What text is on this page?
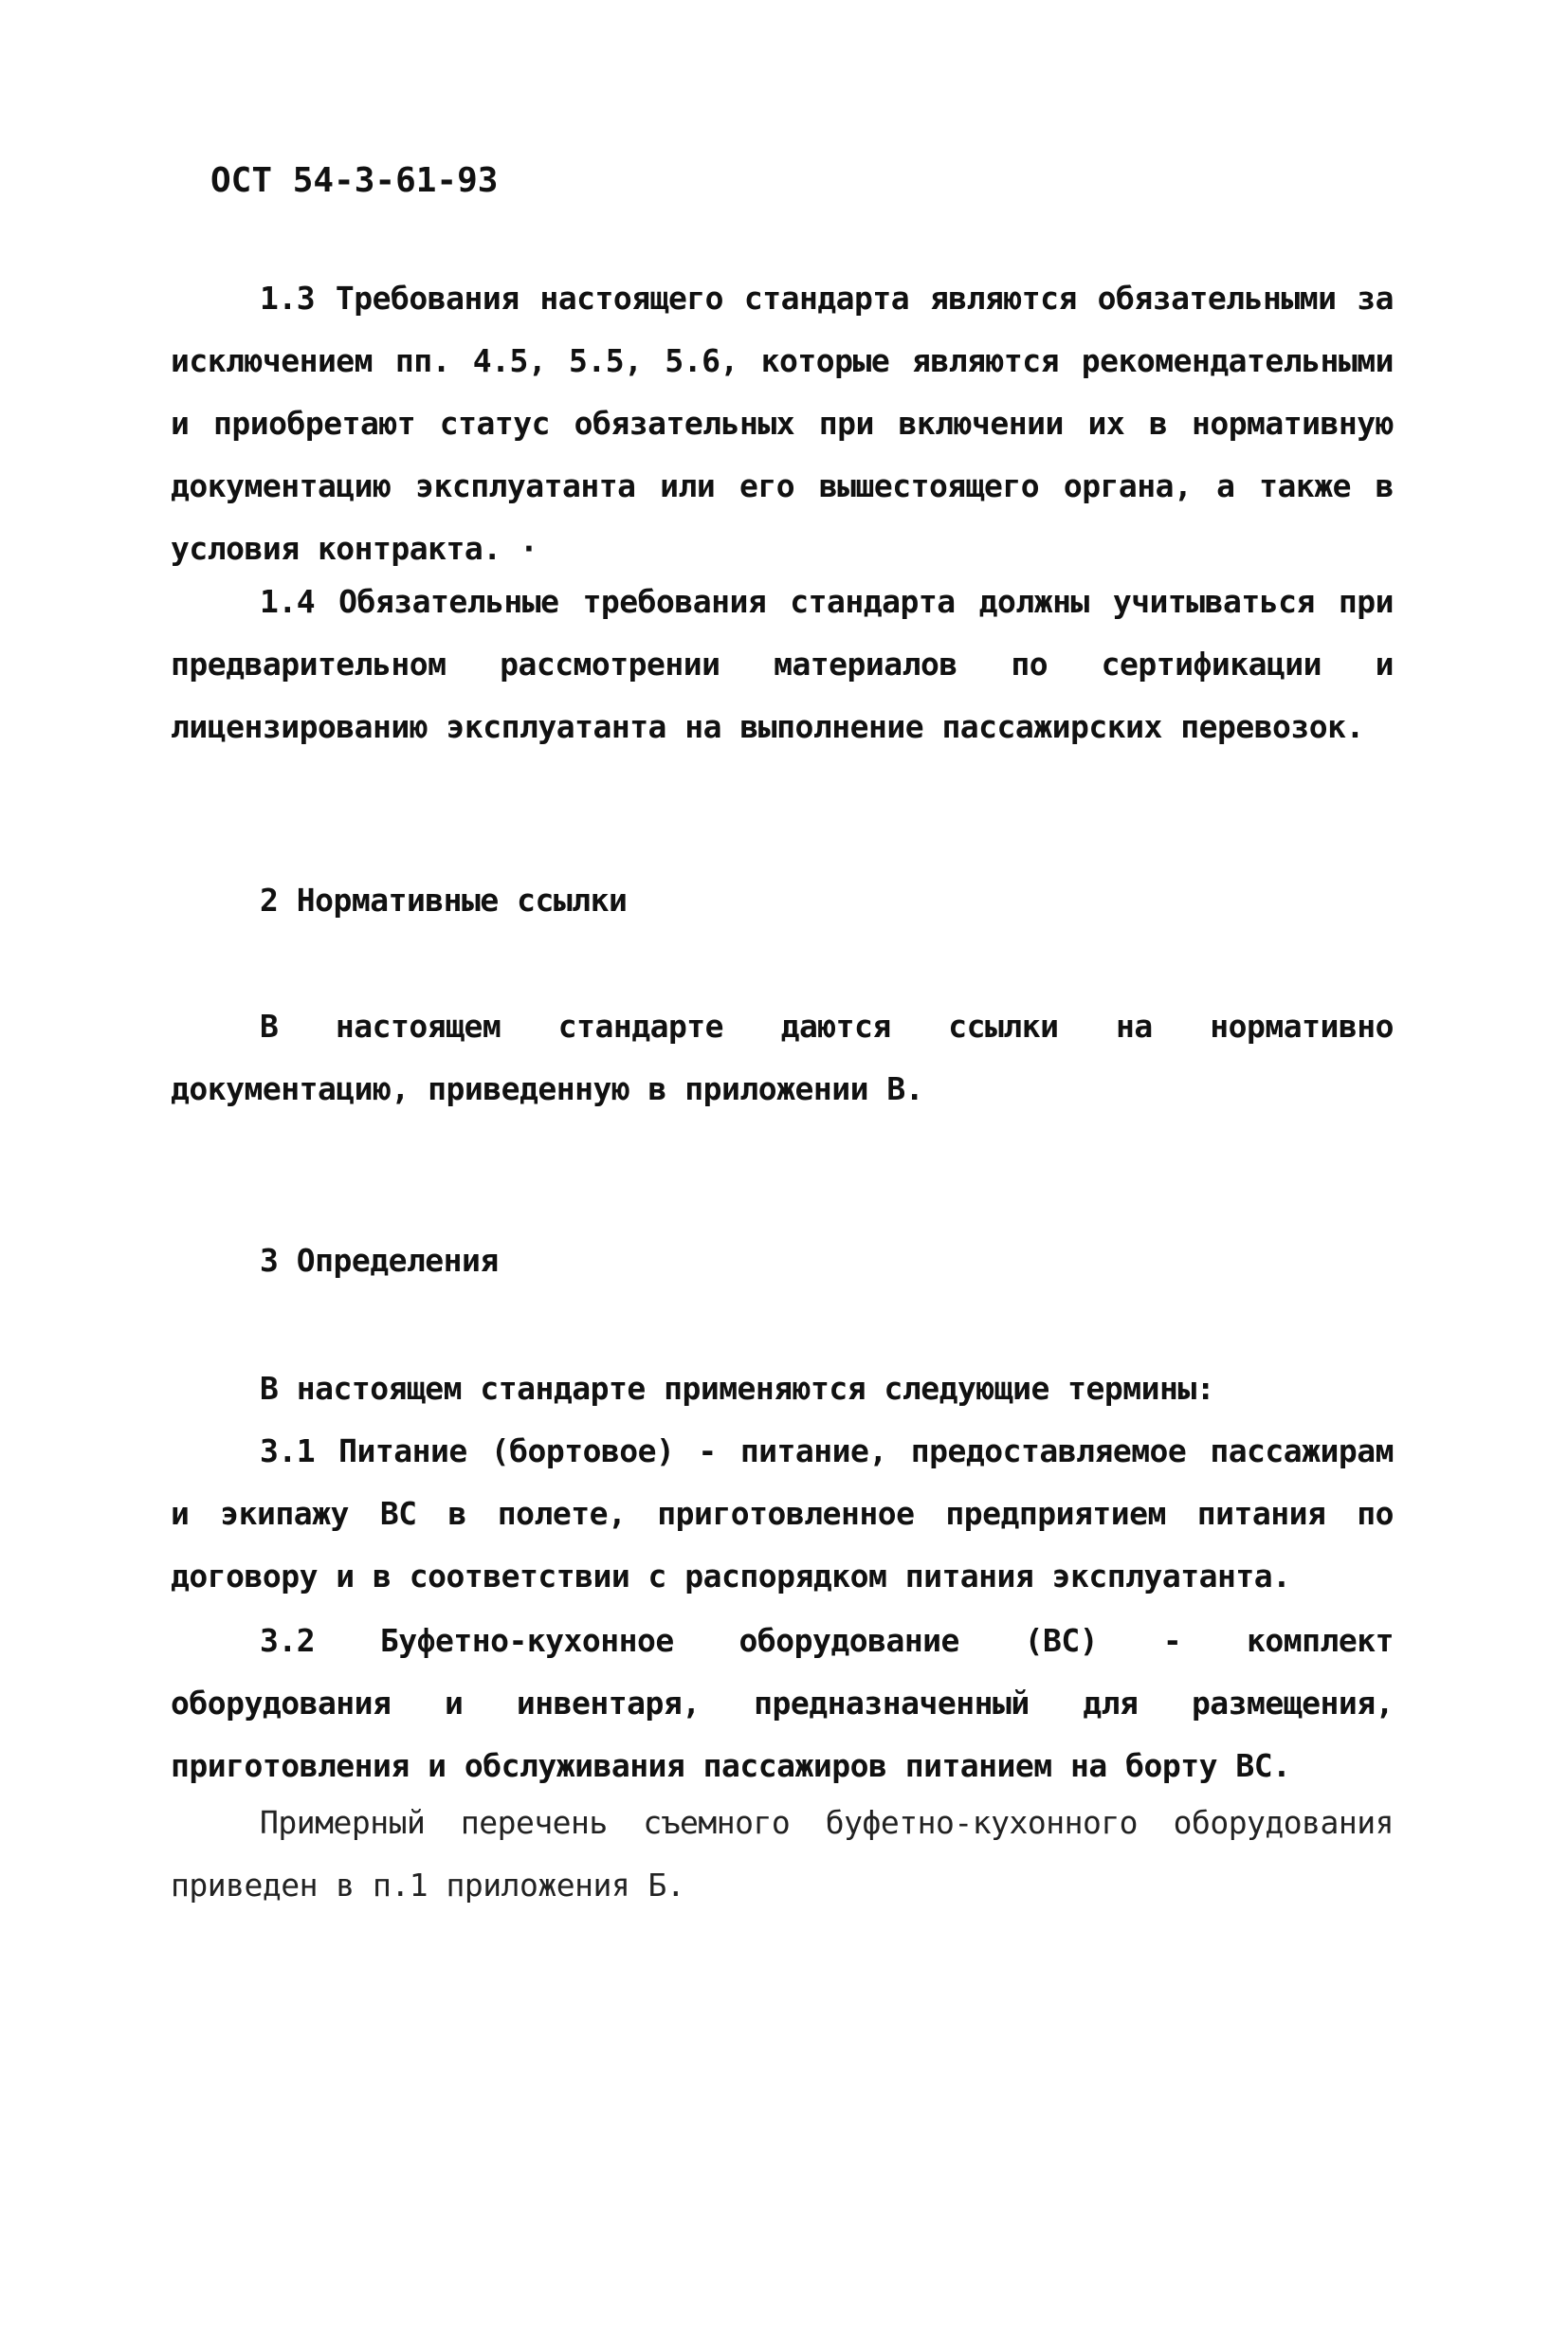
ОСТ 54-3-61-93

1.3 Требования настоящего стандарта являются обязательными за исключением пп. 4.5, 5.5, 5.6, которые являются рекомендательными и приобретают статус обязательных при включении их в нормативную документацию эксплуатанта или его вышестоящего органа, а также в условия контракта. ·

1.4 Обязательные требования стандарта должны учитываться при предварительном рассмотрении материалов по сертификации и лицензированию эксплуатанта на выполнение пассажирских перевозок.

2 Нормативные ссылки

В настоящем стандарте даются ссылки на нормативно документацию, приведенную в приложении В.

3 Определения

В настоящем стандарте применяются следующие термины:

3.1 Питание (бортовое) - питание, предоставляемое пассажирам и экипажу ВС в полете, приготовленное предприятием питания по договору и в соответствии с распорядком питания эксплуатанта.

3.2 Буфетно-кухонное оборудование (ВС) - комплект оборудования и инвентаря, предназначенный для размещения, приготовления и обслуживания пассажиров питанием на борту ВС.

Примерный перечень съемного буфетно-кухонного оборудования приведен в п.1 приложения Б.
